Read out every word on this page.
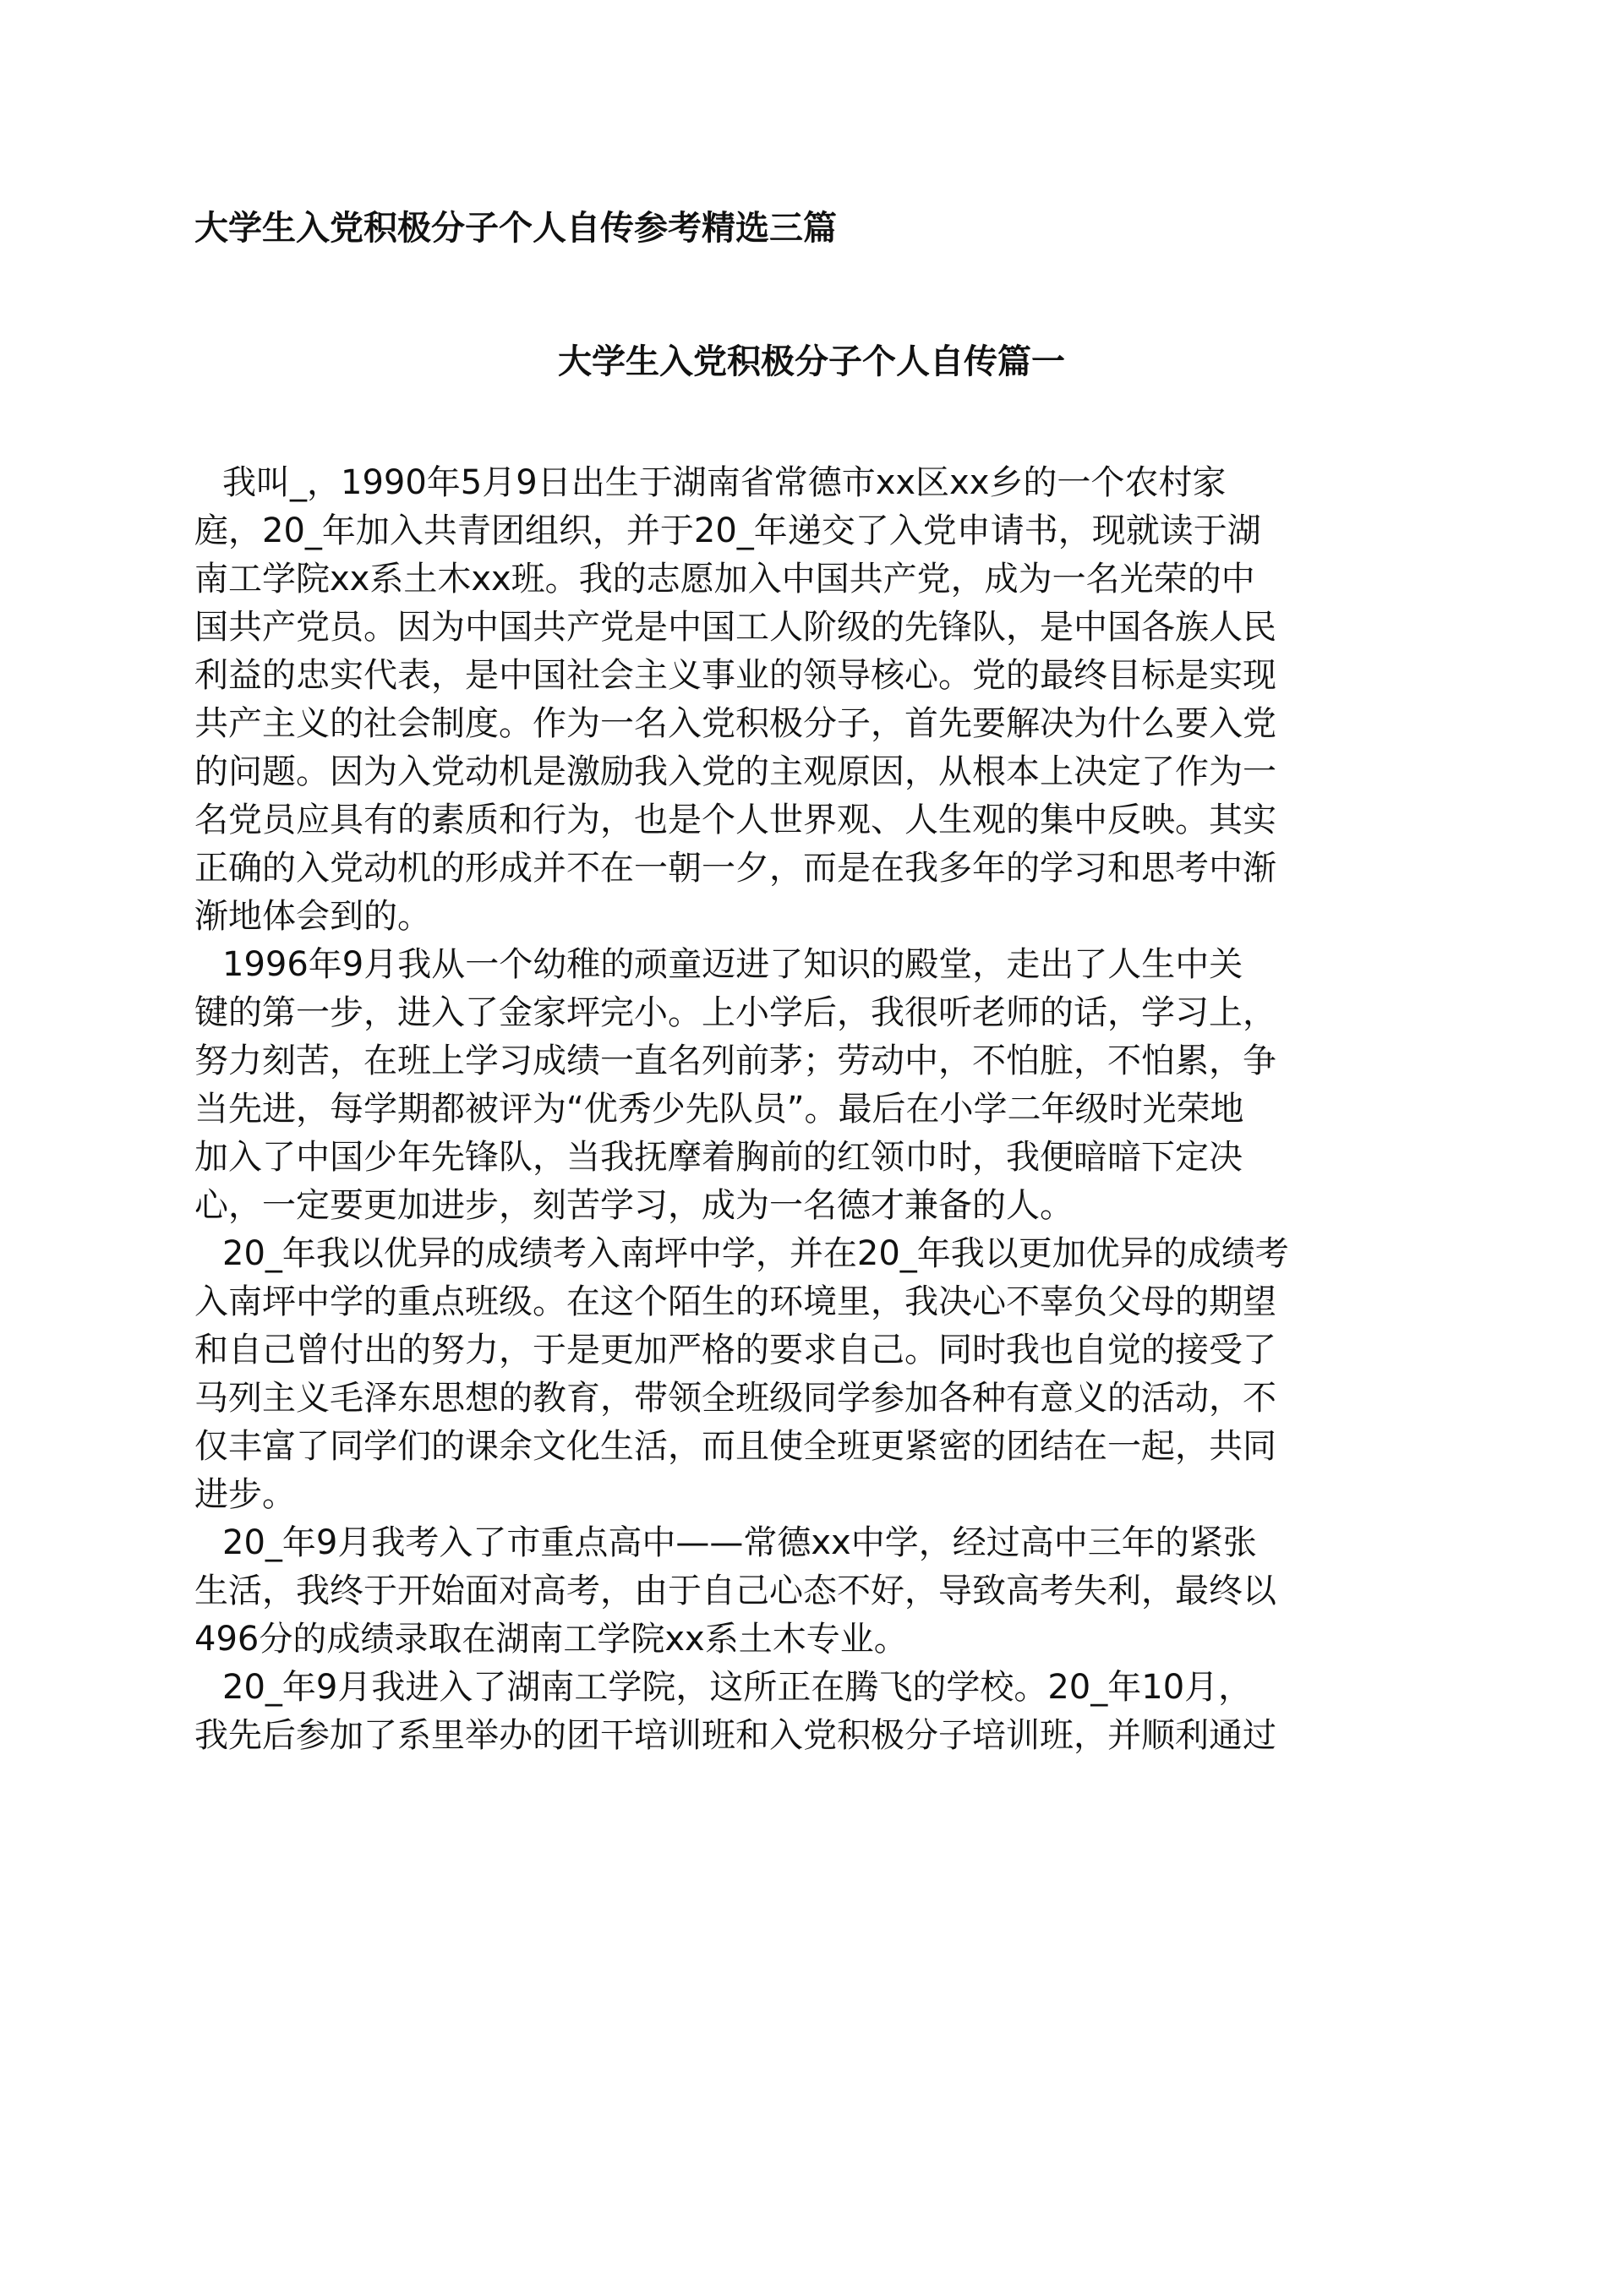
大学生入党积极分子个人自传参考精选三篇
大学生入党积极分子个人自传篇一

我叫_，1990年5月9日出生于湖南省常德市xx区xx乡的一个农村家
庭，20_年加入共青团组织，并于20_年递交了入党申请书，现就读于湖
南工学院xx系土木xx班。我的志愿加入中国共产党，成为一名光荣的中
国共产党员。因为中国共产党是中国工人阶级的先锋队，是中国各族人民
利益的忠实代表，是中国社会主义事业的领导核心。党的最终目标是实现
共产主义的社会制度。作为一名入党积极分子，首先要解决为什么要入党
的问题。因为入党动机是激励我入党的主观原因，从根本上决定了作为一
名党员应具有的素质和行为，也是个人世界观、人生观的集中反映。其实
正确的入党动机的形成并不在一朝一夕，而是在我多年的学习和思考中渐
渐地体会到的。

1996年9月我从一个幼稚的顽童迈进了知识的殿堂，走出了人生中关
键的第一步，进入了金家坪完小。上小学后，我很听老师的话，学习上，
努力刻苦，在班上学习成绩一直名列前茅；劳动中，不怕脏，不怕累，争
当先进，每学期都被评为“优秀少先队员”。最后在小学二年级时光荣地
加入了中国少年先锋队，当我抚摩着胸前的红领巾时，我便暗暗下定决
心，一定要更加进步，刻苦学习，成为一名德才兼备的人。

20_年我以优异的成绩考入南坪中学，并在20_年我以更加优异的成绩考
入南坪中学的重点班级。在这个陌生的环境里，我决心不辜负父母的期望
和自己曾付出的努力，于是更加严格的要求自己。同时我也自觉的接受了
马列主义毛泽东思想的教育，带领全班级同学参加各种有意义的活动，不
仅丰富了同学们的课余文化生活，而且使全班更紧密的团结在一起，共同
进步。

20_年9月我考入了市重点高中——常德xx中学，经过高中三年的紧张
生活，我终于开始面对高考，由于自己心态不好，导致高考失利，最终以
496分的成绩录取在湖南工学院xx系土木专业。

20_年9月我进入了湖南工学院，这所正在腾飞的学校。20_年10月，
我先后参加了系里举办的团干培训班和入党积极分子培训班，并顺利通过
